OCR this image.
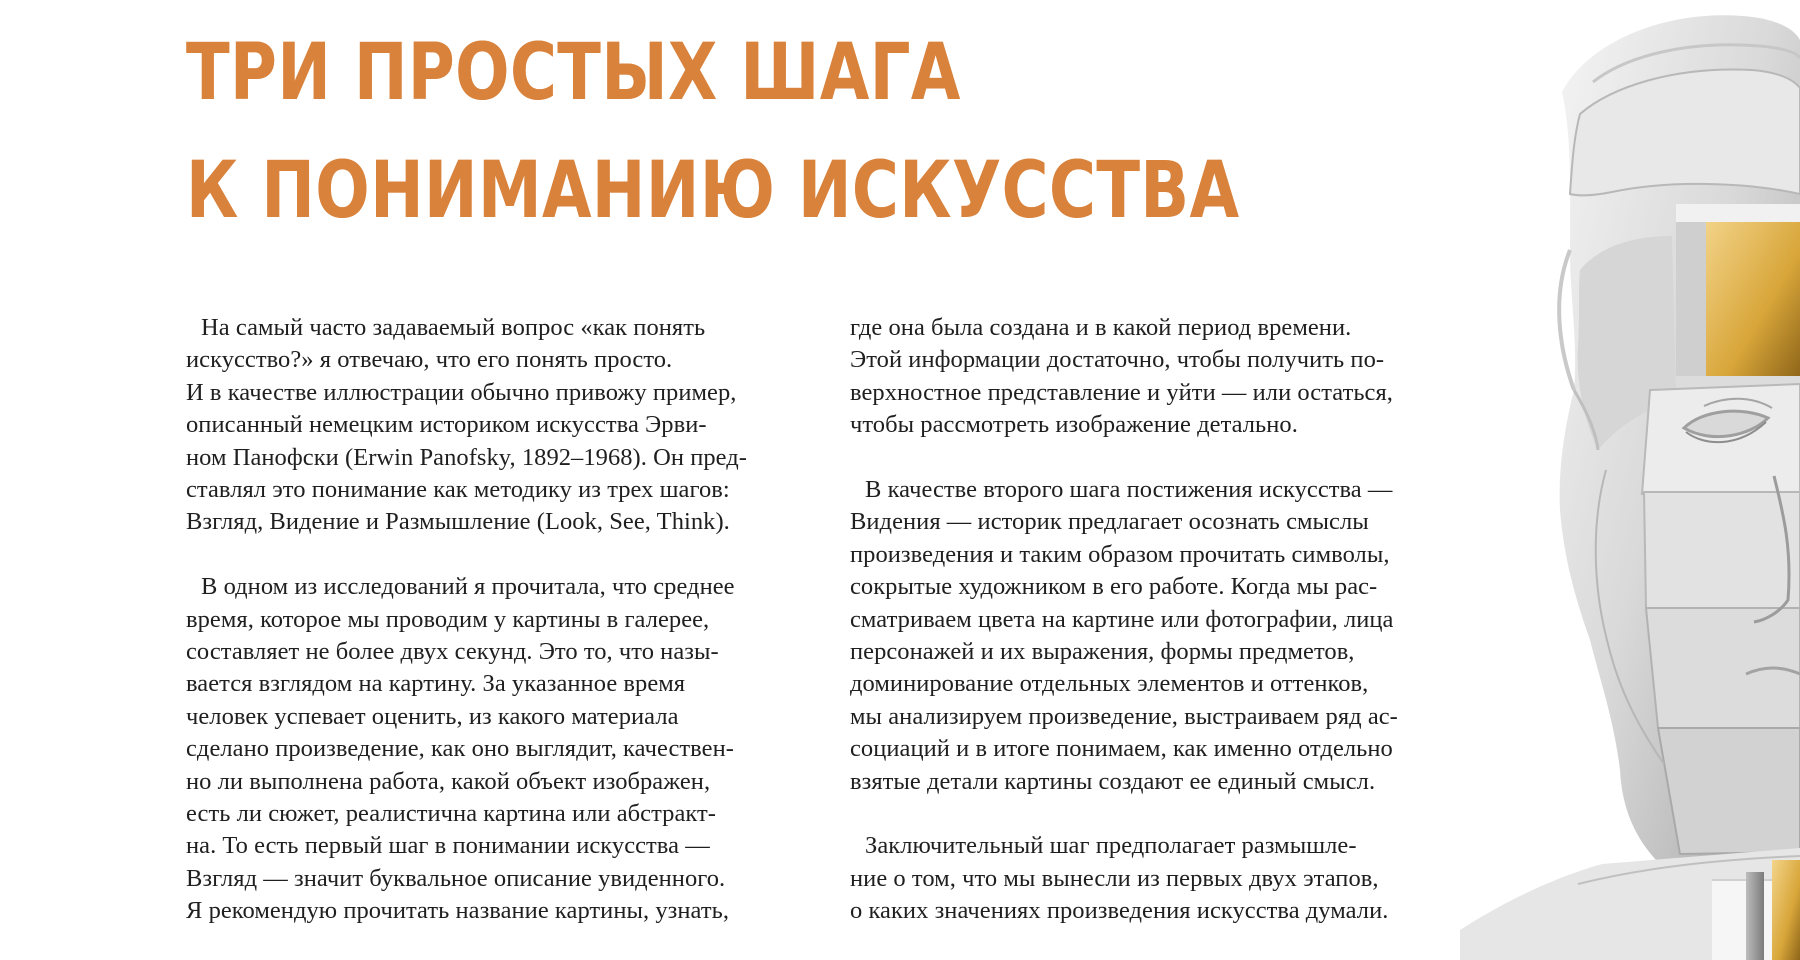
ТРИ ПРОСТЫХ ШАГА
К ПОНИМАНИЮ ИСКУССТВА
На самый часто задаваемый вопрос «как понять
искусство?» я отвечаю, что его понять просто.
И в качестве иллюстрации обычно привожу пример,
описанный немецким историком искусства Эрви-
ном Панофски (Erwin Panofsky, 1892–1968). Он пред-
ставлял это понимание как методику из трех шагов:
Взгляд, Видение и Размышление (Look, See, Think).
В одном из исследований я прочитала, что среднее
время, которое мы проводим у картины в галерее,
составляет не более двух секунд. Это то, что назы-
вается взглядом на картину. За указанное время
человек успевает оценить, из какого материала
сделано произведение, как оно выглядит, качествен-
но ли выполнена работа, какой объект изображен,
есть ли сюжет, реалистична картина или абстракт-
на. То есть первый шаг в понимании искусства —
Взгляд — значит буквальное описание увиденного.
Я рекомендую прочитать название картины, узнать,
где она была создана и в какой период времени.
Этой информации достаточно, чтобы получить по-
верхностное представление и уйти — или остаться,
чтобы рассмотреть изображение детально.
В качестве второго шага постижения искусства —
Видения — историк предлагает осознать смыслы
произведения и таким образом прочитать символы,
сокрытые художником в его работе. Когда мы рас-
сматриваем цвета на картине или фотографии, лица
персонажей и их выражения, формы предметов,
доминирование отдельных элементов и оттенков,
мы анализируем произведение, выстраиваем ряд ас-
социаций и в итоге понимаем, как именно отдельно
взятые детали картины создают ее единый смысл.
Заключительный шаг предполагает размышле-
ние о том, что мы вынесли из первых двух этапов,
о каких значениях произведения искусства думали.
